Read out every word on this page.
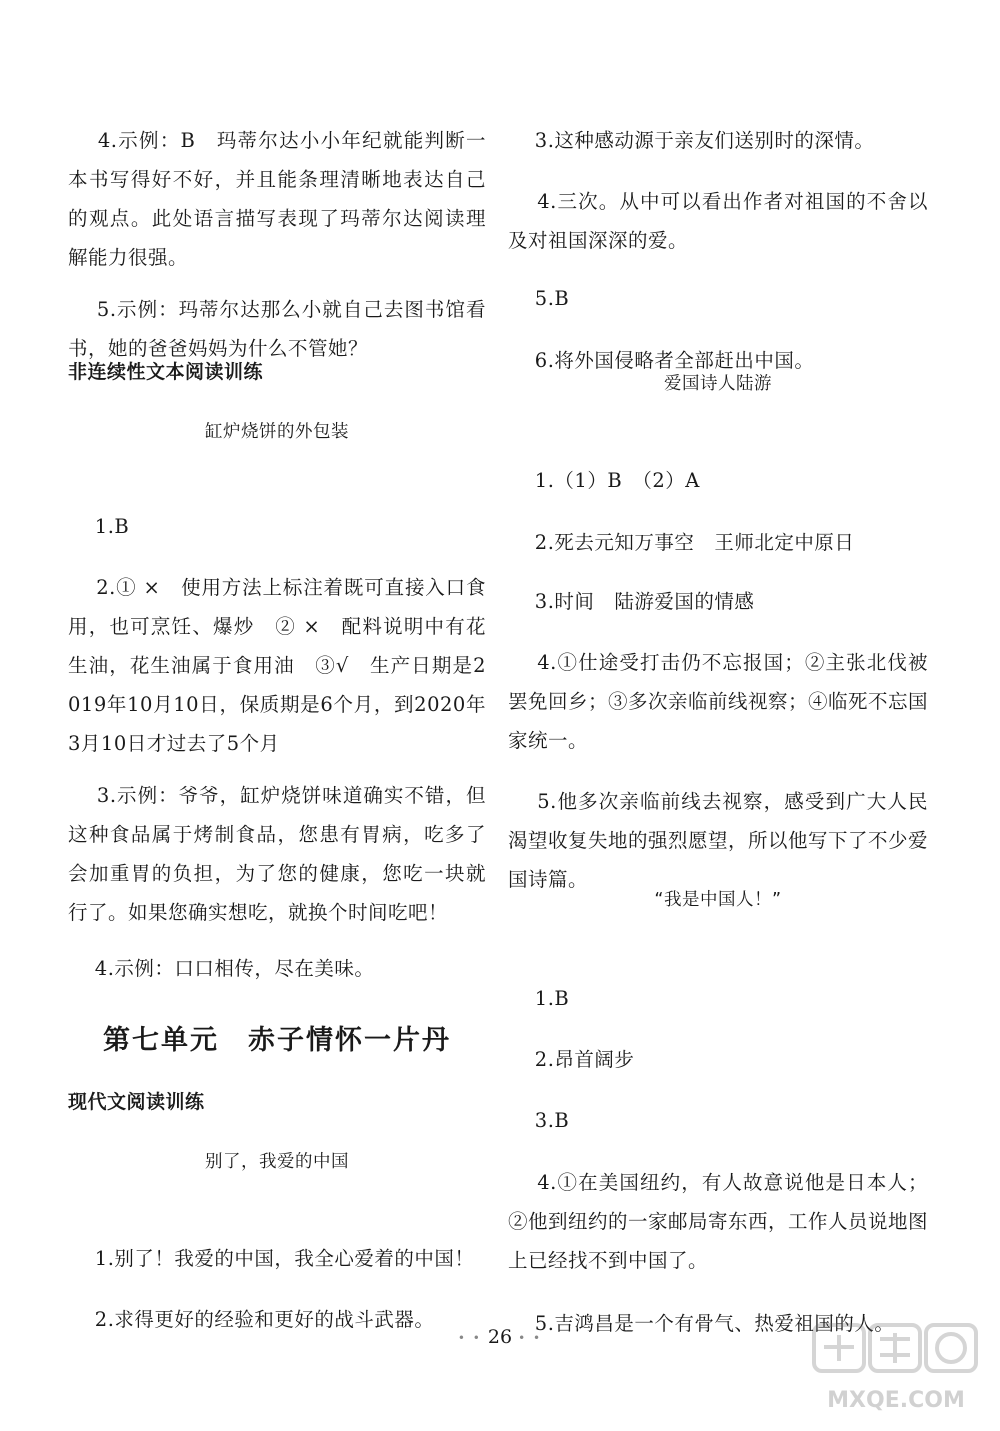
4.示例：B　玛蒂尔达小小年纪就能判断一本书写得好不好，并且能条理清晰地表达自己的观点。此处语言描写表现了玛蒂尔达阅读理解能力很强。

5.示例：玛蒂尔达那么小就自己去图书馆看书，她的爸爸妈妈为什么不管她？

非连续性文本阅读训练
缸炉烧饼的外包装

1.B

2.① ×　使用方法上标注着既可直接入口食用，也可烹饪、爆炒　② ×　配料说明中有花生油，花生油属于食用油　③√　生产日期是2019年10月10日，保质期是6个月，到2020年3月10日才过去了5个月

3.示例：爷爷，缸炉烧饼味道确实不错，但这种食品属于烤制食品，您患有胃病，吃多了会加重胃的负担，为了您的健康，您吃一块就行了。如果您确实想吃，就换个时间吃吧！

4.示例：口口相传，尽在美味。

第七单元　赤子情怀一片丹
现代文阅读训练
别了，我爱的中国

1.别了！我爱的中国，我全心爱着的中国！

2.求得更好的经验和更好的战斗武器。

3.这种感动源于亲友们送别时的深情。

4.三次。从中可以看出作者对祖国的不舍以及对祖国深深的爱。

5.B

6.将外国侵略者全部赶出中国。

爱国诗人陆游

1.（1）B　（2）A

2.死去元知万事空　王师北定中原日

3.时间　陆游爱国的情感

4.①仕途受打击仍不忘报国；②主张北伐被罢免回乡；③多次亲临前线视察；④临死不忘国家统一。

5.他多次亲临前线去视察，感受到广大人民渴望收复失地的强烈愿望，所以他写下了不少爱国诗篇。

“我是中国人！”

1.B

2.昂首阔步

3.B

4.①在美国纽约，有人故意说他是日本人；②他到纽约的一家邮局寄东西，工作人员说地图上已经找不到中国了。

5.吉鸿昌是一个有骨气、热爱祖国的人。

• • 26 • •
MXQE.COM
